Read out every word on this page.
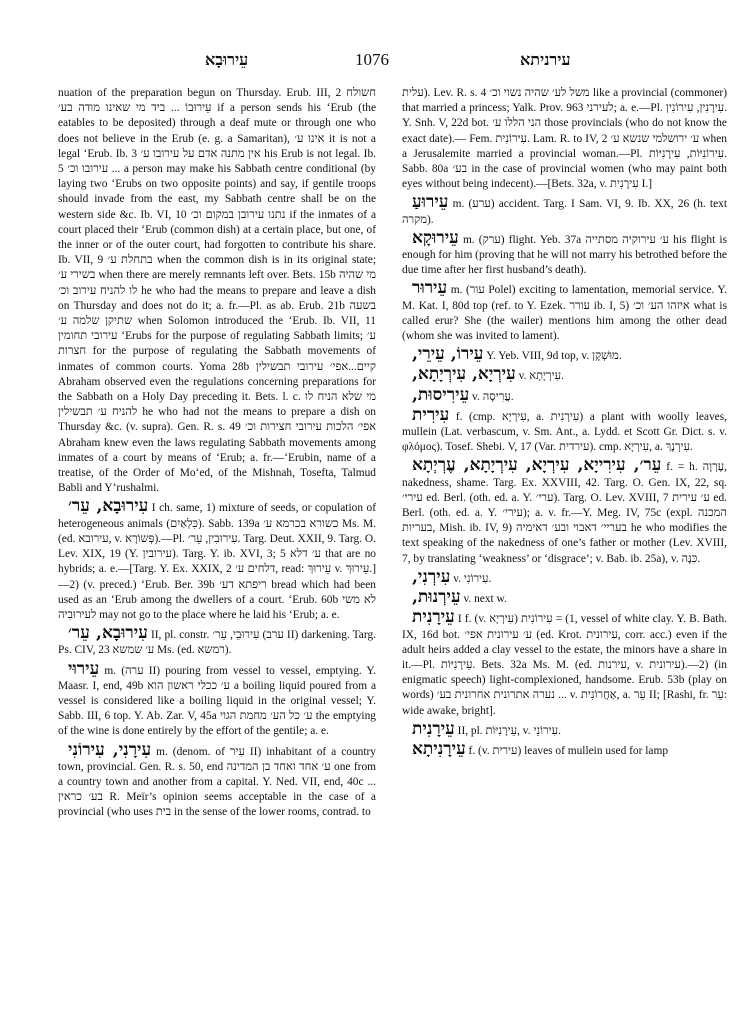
עֵירוּבָא	1076	עירניתא

nuation of the preparation begun on Thursday. Erub. III, 2 חשולח עֵירוּבוֹ ... ביד מי שאינו מודה בע׳ if a person sends his ‘Erub (the eatables to be deposited) through a deaf mute or through one who does not believe in the Erub (e. g. a Samaritan), אינו ע׳ it is not a legal ‘Erub. Ib. 3 אין מתנה אדם על עירובו ע׳ his Erub is not legal. Ib. 5 עירובו וכ׳ ... a person may make his Sabbath centre conditional (by laying two ‘Erubs on two opposite points) and say, if gentile troops should invade from the east, my Sabbath centre shall be on the western side &c. Ib. VI, 10 נתנו עירובן במקום וכ׳ if the inmates of a court placed their ‘Erub (common dish) at a certain place, but one, of the inner or of the outer court, had forgotten to contribute his share. Ib. VII, 9 בתחלת ע׳ when the common dish is in its original state; בשירי ע׳ when there are merely remnants left over. Bets. 15b מי שהיה לו להניח עירוב וכ׳ he who had the means to prepare and leave a dish on Thursday and does not do it; a. fr.—Pl. as ab. Erub. 21b בשעה שתיקן שלמה ע׳ when Solomon introduced the ‘Erub. Ib. VII, 11 עירובי תחומין ‘Erubs for the purpose of regulating Sabbath limits; ע׳ חצרות for the purpose of regulating the Sabbath movements of inmates of common courts. Yoma 28b קיים...אפי׳ עירובי תבשילין Abraham observed even the regulations concerning preparations for the Sabbath on a Holy Day preceding it. Bets. l. c. מי שלא הניח לו להניח ע׳ תבשילין he who had not the means to prepare a dish on Thursday &c. (v. supra). Gen. R. s. 49 אפי׳ הלכות עירובי חצירות וכ׳ Abraham knew even the laws regulating Sabbath movements among inmates of a court by means of ‘Erub; a. fr.—‘Erubin, name of a treatise, of the Order of Mo‘ed, of the Mishnah, Tosefta, Talmud Babli and Y’rushalmi.

עִירוּבָא, עֵר׳ I ch. same, 1) mixture of seeds, or copulation of heterogeneous animals (כִּלְאַיִם). Sabb. 139a כשורא בכרמא ע׳ Ms. M. (ed. עירובא, v. פְּשוֹרָא).—Pl. עִירוּבִין, עֵר׳. Targ. Deut. XXII, 9. Targ. O. Lev. XIX, 19 (Y. עירובין). Targ. Y. ib. XVI, 3; 5 ע׳ דלא that are no hybrids; a. e.—[Targ. Y. Ex. XXIX, 2 דלחים ע׳, read: עֵירוּךְ v. עֵירוּךְ.]—2) (v. preced.) ‘Erub. Ber. 39b ריפתא דע׳ bread which had been used as an ‘Erub among the dwellers of a court. ‘Erub. 60b לא משי לעירוּבִיה may not go to the place where he laid his ‘Erub; a. e.

עִירוּבָא, עֵר׳ II, pl. constr. עִירוּבֵי, עֵר׳ (ערב II) darkening. Targ. Ps. CIV, 23 ע׳ שמשא Ms. (ed. רמשא).

עֵירוּי m. (ערה II) pouring from vessel to vessel, emptying. Y. Maasr. I, end, 49b ע׳ ככלי ראשון הוא a boiling liquid poured from a vessel is considered like a boiling liquid in the original vessel; Y. Sabb. III, 6 top. Y. Ab. Zar. V, 45a ע׳ כל הע׳ מחמת הגוי the emptying of the wine is done entirely by the effort of the gentile; a. e.

עִירָנִי, עִירוֹנִי m. (denom. of עִיר II) inhabitant of a country town, provincial. Gen. R. s. 50, end ע׳ אחד ואחד בן המדינה one from a country town and another from a capital. Y. Ned. VII, end, 40c ... בע׳ כראין R. Meïr’s opinion seems acceptable in the case of a provincial (who uses בית in the sense of the lower rooms, contrad. to

עלית). Lev. R. s. 4 משל לע׳ שהיה נשוי וכ׳ like a provincial (commoner) that married a princess; Yalk. Prov. 963 לעירני; a. e.—Pl. עִירָנִין, עִירוֹנִין. Y. Snh. V, 22d bot. הני הללו ע׳ those provincials (who do not know the exact date).— Fem. עִירוֹנִית. Lam. R. to IV, 2 ע׳ ירושלמי שנשא ע׳ when a Jerusalemite married a provincial woman.—Pl. עִירוֹנִיּוֹת, עִירָנִיּוֹת. Sabb. 80a בע׳ in the case of provincial women (who may paint both eyes without being indecent).—[Bets. 32a, v. עִירָנִית I.]

עֵירוּעַ m. (ערע) accident. Targ. I Sam. VI, 9. Ib. XX, 26 (h. text מקרה).

עֵירוּקָא m. (ערק) flight. Yeb. 37a ע׳ עירוקיה מסתייה his flight is enough for him (proving that he will not marry his betrothed before the due time after her first husband’s death).

עֵירוּר m. (עור Polel) exciting to lamentation, memorial service. Y. M. Kat. I, 80d top (ref. to Y. Ezek. עורר ib. I, 5) איזהו הע׳ וכ׳ what is called erur? She (the wailer) mentions him among the other dead (whom she was invited to lament).

עֵירוֹ, עֵירֵי, Y. Yeb. VIII, 9d top, v. מוּשְׁקָן.

עִירְיָא, עִירְיָתָא, v. עִירְיָתָא.

עֵירִיסוּת, v. עֲרִיסָה.

עִירִית f. (cmp. עִירְיָא, a. עִירָנִית) a plant with woolly leaves, mullein (Lat. verbascum, v. Sm. Ant., a. Lydd. et Scott Gr. Dict. s. v. φλόμος). Tosef. Shebi. V, 17 (Var. עירדית). cmp. עִירְיָא, a. עִירְנָךְ.

עֵר׳, עִירִייָא, עִירְיָא, עִירְיָתָא, עֶרְיְתָא f. = h. עֶרְוָה, nakedness, shame. Targ. Ex. XXVIII, 42. Targ. O. Gen. IX, 22, sq. עירי׳ ed. Berl. (oth. ed. a. Y. ערי׳). Targ. O. Lev. XVIII, 7 ע׳ עירית ed. Berl. (oth. ed. a. Y. עירי׳); a. v. fr.—Y. Meg. IV, 75c (expl. המכנה בעריות, Mish. ib. IV, 9) בעריי׳ דאבוי ובע׳ דאימיה he who modifies the text speaking of the nakedness of one’s father or mother (Lev. XVIII, 7, by translating ‘weakness’ or ‘disgrace’; v. Bab. ib. 25a), v. כִּנָּה.

עִירְנִי, v. עִירוֹנִי.

עֵירְנוּת, v. next w.

עֵירָנִית I f. (v. עִירְיָא) 1) = עִירוֹנִית, vessel of white clay. Y. B. Bath. IX, 16d bot. ע׳ עירונית אפי׳ (ed. Krot. עירונית, corr. acc.) even if the adult heirs added a clay vessel to the estate, the minors have a share in it.—Pl. עֵירָנִיּוֹת. Bets. 32a Ms. M. (ed. עירנות, v. עירונית).—2) (in enigmatic speech) light-complexioned, handsome. Erub. 53b (play on words) נערה אתרונית אחרונית בע׳ ... v. אַחֲרוֹנִית, a. עֵר II; [Rashi, fr. עֵר: wide awake, bright].

עֵירָנִית II, pl. עֵירָנִיּוֹת, v. עִירוֹנֵי.

עֵירָנִיתָא f. (v. עירית) leaves of mullein used for lamp
